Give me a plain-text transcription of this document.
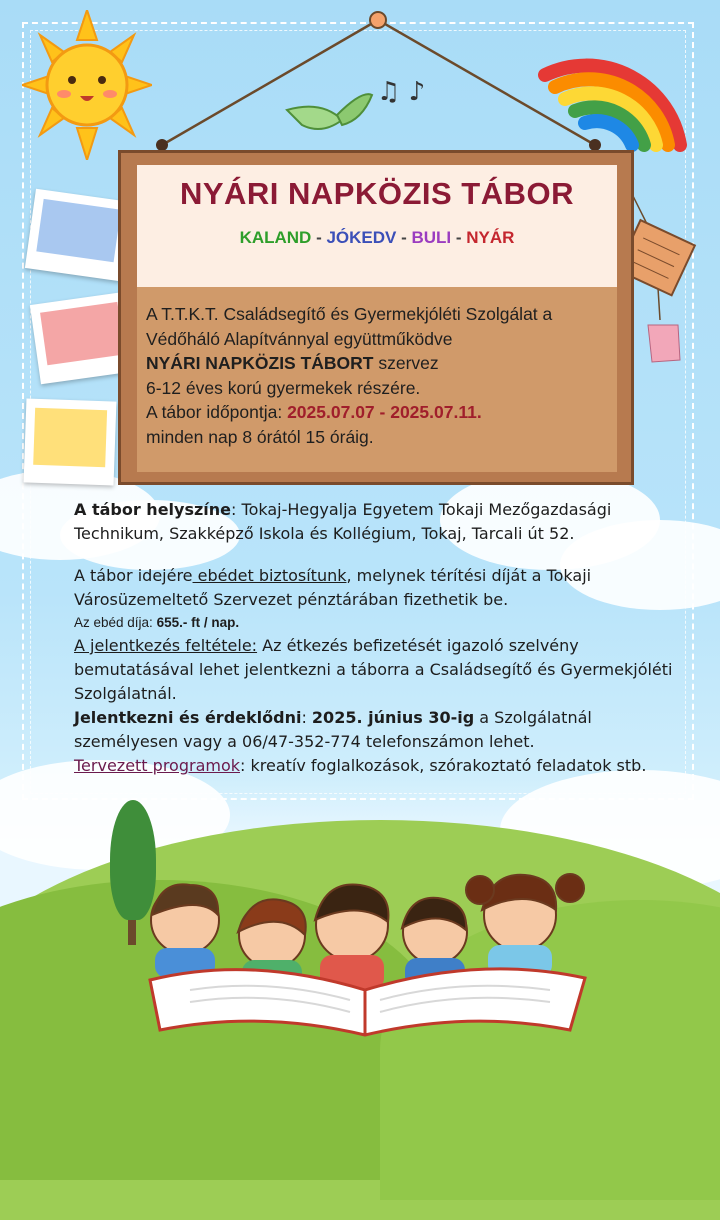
♫ ♪
NYÁRI NAPKÖZIS TÁBOR
KALAND - JÓKEDV - BULI - NYÁR
A T.T.K.T. Családsegítő és Gyermekjóléti Szolgálat a
Védőháló Alapítvánnyal együttműködve
NYÁRI NAPKÖZIS TÁBORT szervez
6-12 éves korú gyermekek részére.
A tábor időpontja: 2025.07.07 - 2025.07.11.
minden nap 8 órától 15 óráig.

A tábor helyszíne: Tokaj-Hegyalja Egyetem Tokaji Mezőgazdasági Technikum, Szakképző Iskola és Kollégium, Tokaj, Tarcali út 52.

A tábor idejére ebédet biztosítunk, melynek térítési díját a Tokaji Városüzemeltető Szervezet pénztárában fizethetik be.

Az ebéd díja: 655.- ft / nap.

A jelentkezés feltétele: Az étkezés befizetését igazoló szelvény bemutatásával lehet jelentkezni a táborra a Családsegítő és Gyermekjóléti Szolgálatnál.

Jelentkezni és érdeklődni: 2025. június 30-ig a Szolgálatnál személyesen vagy a 06/47-352-774 telefonszámon lehet.

Tervezett programok: kreatív foglalkozások, szórakoztató feladatok stb.
